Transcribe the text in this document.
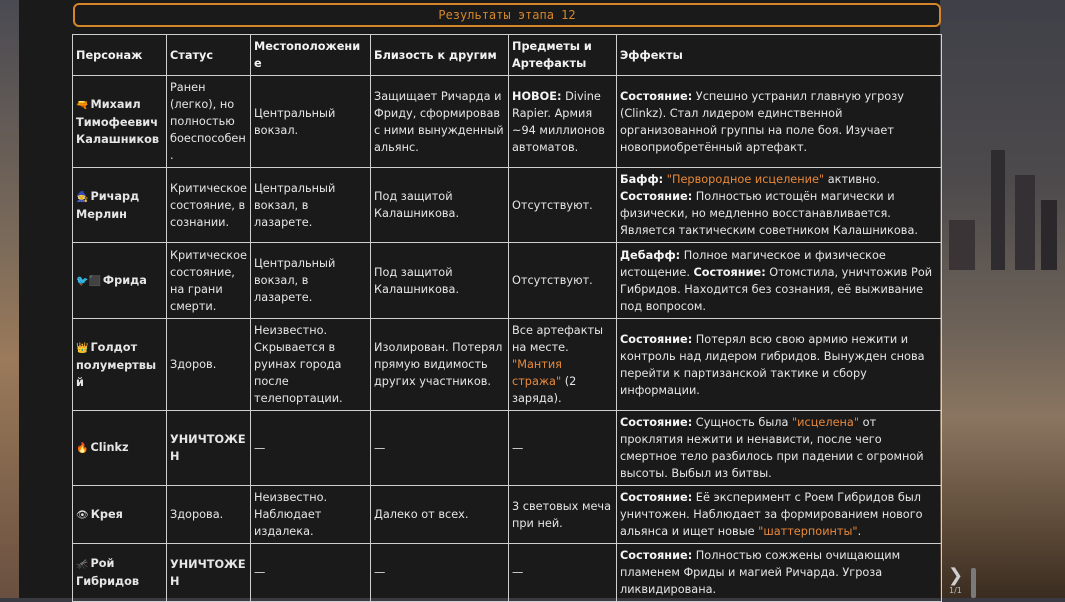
Результаты этапа 12
Персонаж	Статус	Местоположение	Близость к другим	Предметы и Артефакты	Эффекты
🔫 Михаил Тимофеевич Калашников	Ранен (легко), но полностью боеспособен.	Центральный вокзал.	Защищает Ричарда и Фриду, сформировав с ними вынужденный альянс.	НОВОЕ: Divine Rapier. Армия ~94 миллионов автоматов.	Состояние: Успешно устранил главную угрозу (Clinkz). Стал лидером единственной организованной группы на поле боя. Изучает новоприобретённый артефакт.
🧙 Ричард Мерлин	Критическое состояние, в сознании.	Центральный вокзал, в лазарете.	Под защитой Калашникова.	Отсутствуют.	Бафф: "Первородное исцеление" активно. Состояние: Полностью истощён магически и физически, но медленно восстанавливается. Является тактическим советником Калашникова.
🐦⬛ Фрида	Критическое состояние, на грани смерти.	Центральный вокзал, в лазарете.	Под защитой Калашникова.	Отсутствуют.	Дебафф: Полное магическое и физическое истощение. Состояние: Отомстила, уничтожив Рой Гибридов. Находится без сознания, её выживание под вопросом.
👑 Голдот полумертвый	Здоров.	Неизвестно. Скрывается в руинах города после телепортации.	Изолирован. Потерял прямую видимость других участников.	Все артефакты на месте. "Мантия стража" (2 заряда).	Состояние: Потерял всю свою армию нежити и контроль над лидером гибридов. Вынужден снова перейти к партизанской тактике и сбору информации.
🔥 Clinkz	УНИЧТОЖЕН	—	—	—	Состояние: Сущность была "исцелена" от проклятия нежити и ненависти, после чего смертное тело разбилось при падении с огромной высоты. Выбыл из битвы.
👁 Крея	Здорова.	Неизвестно. Наблюдает издалека.	Далеко от всех.	3 световых меча при ней.	Состояние: Её эксперимент с Роем Гибридов был уничтожен. Наблюдает за формированием нового альянса и ищет новые "шаттерпоинты".
🦟 Рой Гибридов	УНИЧТОЖЕН	—	—	—	Состояние: Полностью сожжены очищающим пламенем Фриды и магией Ричарда. Угроза ликвидирована.
❯
1/1
